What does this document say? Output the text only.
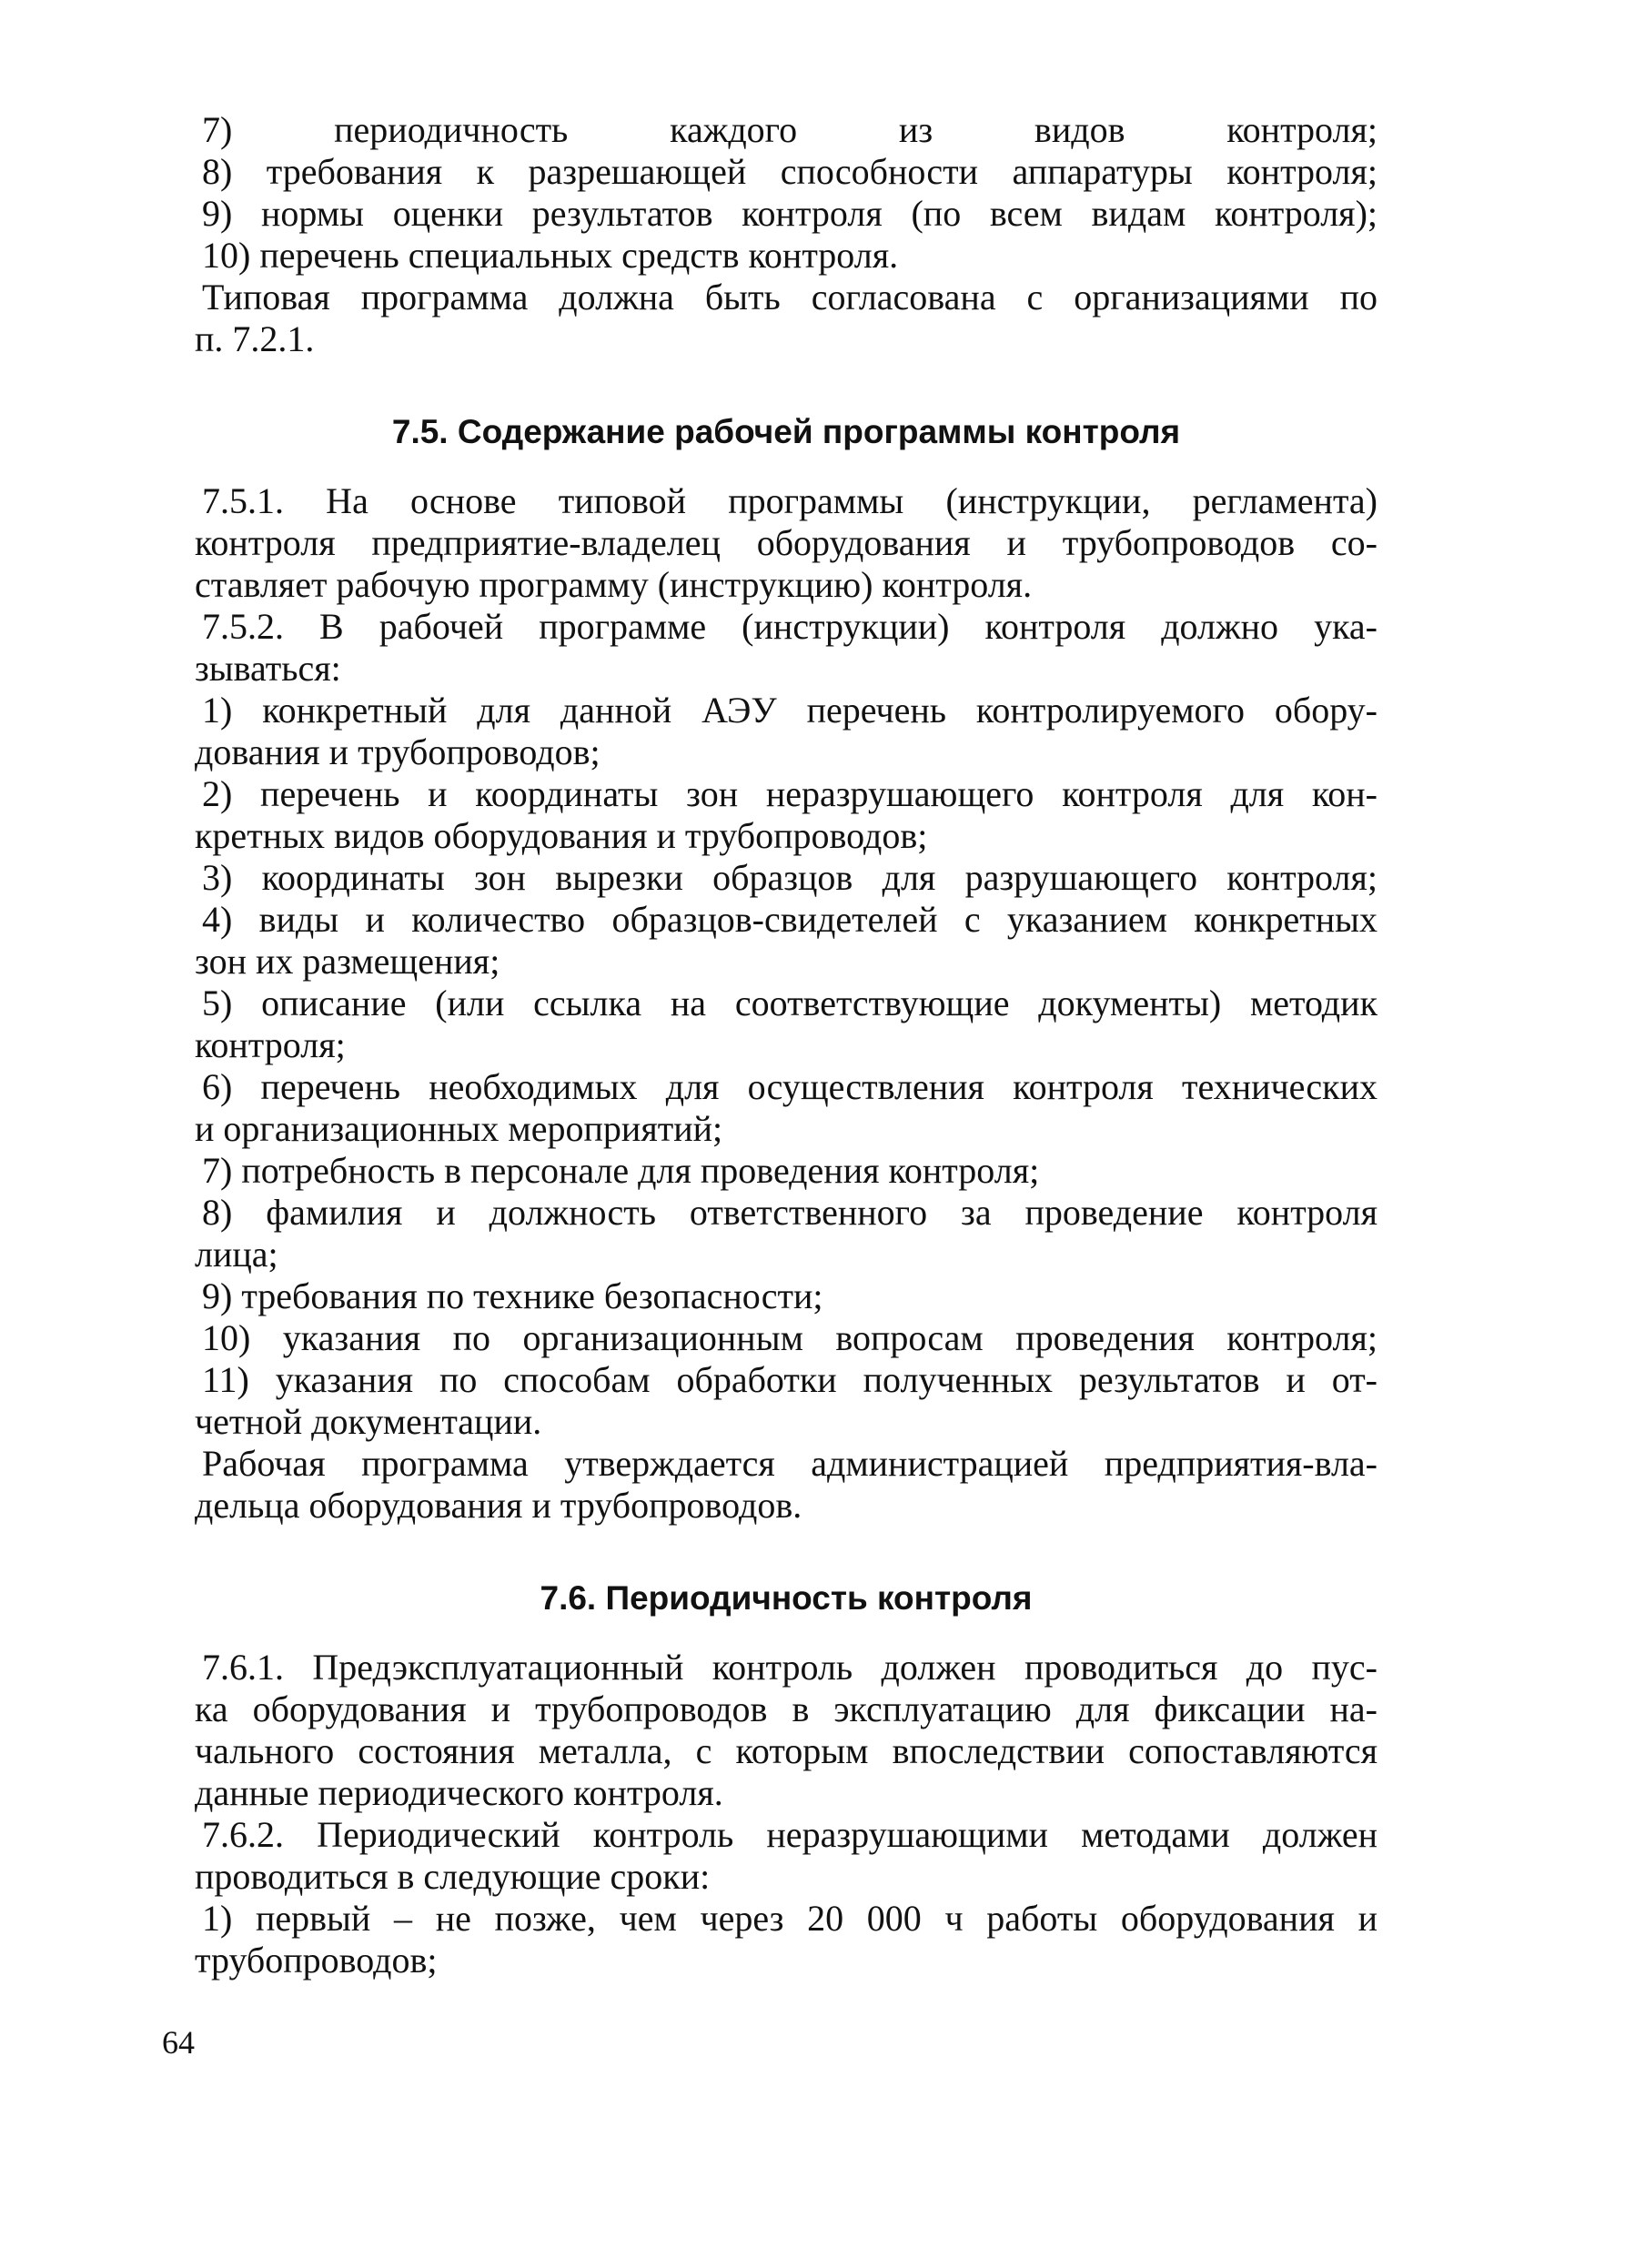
7) периодичность каждого из видов контроля;
8) требования к разрешающей способности аппаратуры контроля;
9) нормы оценки результатов контроля (по всем видам контроля);
10) перечень специальных средств контроля.
Типовая программа должна быть согласована с организациями по
п. 7.2.1.
7.5. Содержание рабочей программы контроля
7.5.1. На основе типовой программы (инструкции, регламента)
контроля предприятие-владелец оборудования и трубопроводов со-
ставляет рабочую программу (инструкцию) контроля.
7.5.2. В рабочей программе (инструкции) контроля должно ука-
зываться:
1) конкретный для данной АЭУ перечень контролируемого обору-
дования и трубопроводов;
2) перечень и координаты зон неразрушающего контроля для кон-
кретных видов оборудования и трубопроводов;
3) координаты зон вырезки образцов для разрушающего контроля;
4) виды и количество образцов-свидетелей с указанием конкретных
зон их размещения;
5) описание (или ссылка на соответствующие документы) методик
контроля;
6) перечень необходимых для осуществления контроля технических
и организационных мероприятий;
7) потребность в персонале для проведения контроля;
8) фамилия и должность ответственного за проведение контроля
лица;
9) требования по технике безопасности;
10) указания по организационным вопросам проведения контроля;
11) указания по способам обработки полученных результатов и от-
четной документации.
Рабочая программа утверждается администрацией предприятия-вла-
дельца оборудования и трубопроводов.
7.6. Периодичность контроля
7.6.1. Предэксплуатационный контроль должен проводиться до пус-
ка оборудования и трубопроводов в эксплуатацию для фиксации на-
чального состояния металла, с которым впоследствии сопоставляются
данные периодического контроля.
7.6.2. Периодический контроль неразрушающими методами должен
проводиться в следующие сроки:
1) первый – не позже, чем через 20 000 ч работы оборудования и
трубопроводов;
64
